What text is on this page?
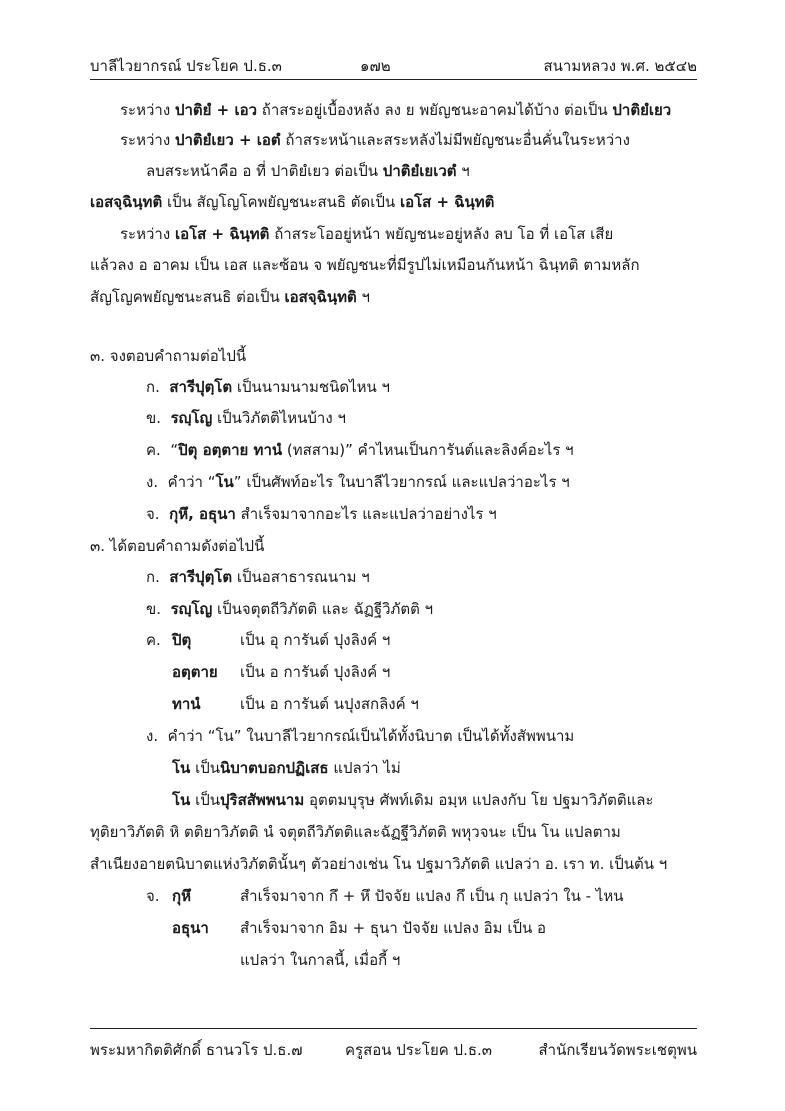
บาลีไวยากรณ์ ประโยค ป.ธ.๓	๑๗๒	สนามหลวง พ.ศ. ๒๕๔๒
ระหว่าง ปาติยํ + เอว ถ้าสระอยู่เบื้องหลัง ลง ย พยัญชนะอาคมได้บ้าง ต่อเป็น ปาติยํเยว
ระหว่าง ปาติยํเยว + เอตํ ถ้าสระหน้าและสระหลังไม่มีพยัญชนะอื่นคั่นในระหว่าง
ลบสระหน้าคือ อ ที่ ปาติยํเยว ต่อเป็น ปาติยํเยเวตํ ฯ
เอสจฺฉินฺทติ เป็น สัญโญโคพยัญชนะสนธิ ตัดเป็น เอโส + ฉินฺทติ
ระหว่าง เอโส + ฉินฺทติ ถ้าสระโออยู่หน้า พยัญชนะอยู่หลัง ลบ โอ ที่ เอโส เสีย
แล้วลง อ อาคม เป็น เอส และซ้อน จ พยัญชนะที่มีรูปไม่เหมือนกันหน้า ฉินฺทติ ตามหลัก
สัญโญคพยัญชนะสนธิ ต่อเป็น เอสจฺฉินฺทติ ฯ
๓. จงตอบคำถามต่อไปนี้
ก. สารีปุตฺโต เป็นนามนามชนิดไหน ฯ
ข. รญฺโญ เป็นวิภัตติไหนบ้าง ฯ
ค. “ปิตุ อตฺตาย ทานํ (ทสสาม)” คำไหนเป็นการันต์และลิงค์อะไร ฯ
ง. คำว่า “โน” เป็นศัพท์อะไร ในบาลีไวยากรณ์ และแปลว่าอะไร ฯ
จ. กุหึ, อธุนา สำเร็จมาจากอะไร และแปลว่าอย่างไร ฯ
๓. ได้ตอบคำถามดังต่อไปนี้
ก. สารีปุตฺโต เป็นอสาธารณนาม ฯ
ข. รญฺโญ เป็นจตุตถีวิภัตติ และ ฉัฏฐีวิภัตติ ฯ
ค. ปิตุ	เป็น อุ การันต์ ปุงลิงค์ ฯ
อตฺตาย เป็น อ การันต์ ปุงลิงค์ ฯ
ทานํ	เป็น อ การันต์ นปุงสกลิงค์ ฯ
ง. คำว่า “โน” ในบาลีไวยากรณ์เป็นได้ทั้งนิบาต เป็นได้ทั้งสัพพนาม
โน เป็นนิบาตบอกปฏิเสธ แปลว่า ไม่
โน เป็นปุริสสัพพนาม อุตตมบุรุษ ศัพท์เดิม อมฺห แปลงกับ โย ปฐมาวิภัตติและ
ทุติยาวิภัตติ หิ ตติยาวิภัตติ นํ จตุตถีวิภัตติและฉัฏฐีวิภัตติ พหุวจนะ เป็น โน แปลตาม
สำเนียงอายตนิบาตแห่งวิภัตตินั้นๆ ตัวอย่างเช่น โน ปฐมาวิภัตติ แปลว่า อ. เรา ท. เป็นต้น ฯ
จ. กุหึ	สำเร็จมาจาก กึ + หึ ปัจจัย แปลง กึ เป็น กุ แปลว่า ใน - ไหน
อธุนา สำเร็จมาจาก อิม + ธุนา ปัจจัย แปลง อิม เป็น อ
แปลว่า ในกาลนี้, เมื่อกี้ ฯ
พระมหากิตติศักดิ์ ธานวโร ป.ธ.๗	ครูสอน ประโยค ป.ธ.๓	สำนักเรียนวัดพระเชตุพน
